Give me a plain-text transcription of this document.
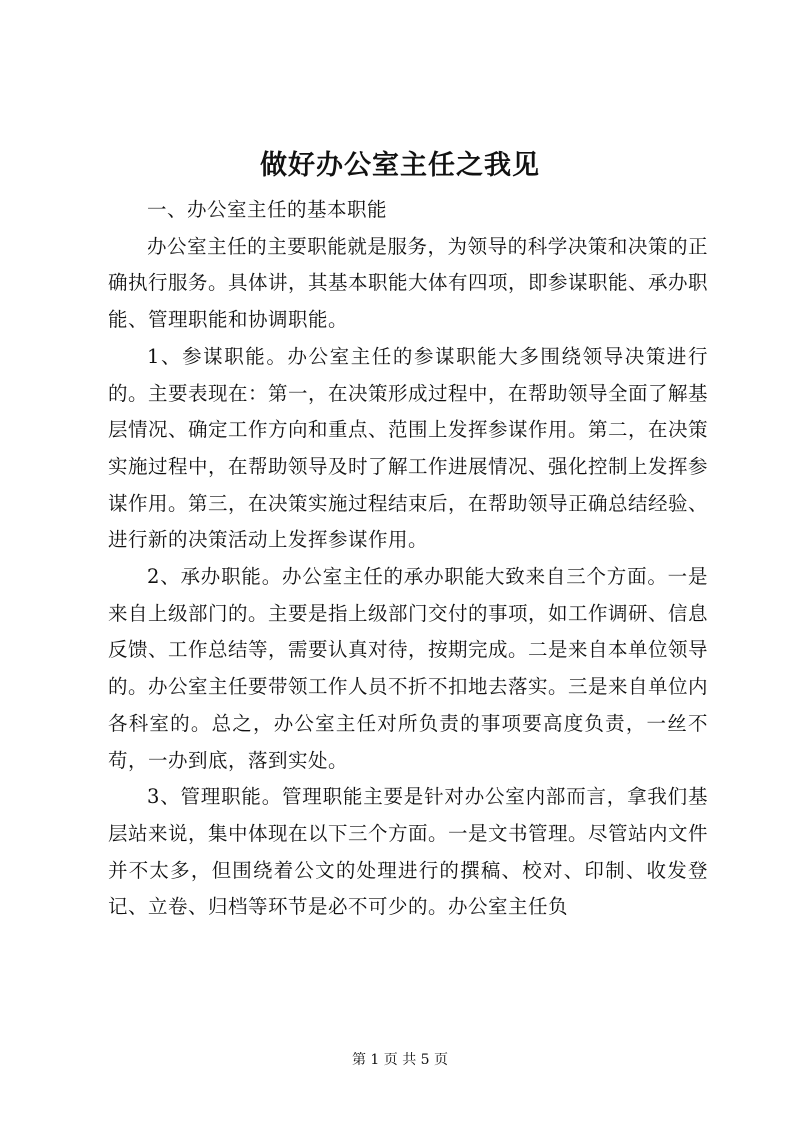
做好办公室主任之我见

一、办公室主任的基本职能

办公室主任的主要职能就是服务，为领导的科学决策和决策的正确执行服务。具体讲，其基本职能大体有四项，即参谋职能、承办职能、管理职能和协调职能。

1、参谋职能。办公室主任的参谋职能大多围绕领导决策进行的。主要表现在：第一，在决策形成过程中，在帮助领导全面了解基层情况、确定工作方向和重点、范围上发挥参谋作用。第二，在决策实施过程中，在帮助领导及时了解工作进展情况、强化控制上发挥参谋作用。第三，在决策实施过程结束后，在帮助领导正确总结经验、进行新的决策活动上发挥参谋作用。

2、承办职能。办公室主任的承办职能大致来自三个方面。一是来自上级部门的。主要是指上级部门交付的事项，如工作调研、信息反馈、工作总结等，需要认真对待，按期完成。二是来自本单位领导的。办公室主任要带领工作人员不折不扣地去落实。三是来自单位内各科室的。总之，办公室主任对所负责的事项要高度负责，一丝不苟，一办到底，落到实处。

3、管理职能。管理职能主要是针对办公室内部而言，拿我们基层站来说，集中体现在以下三个方面。一是文书管理。尽管站内文件并不太多，但围绕着公文的处理进行的撰稿、校对、印制、收发登记、立卷、归档等环节是必不可少的。办公室主任负

第 1 页 共 5 页
